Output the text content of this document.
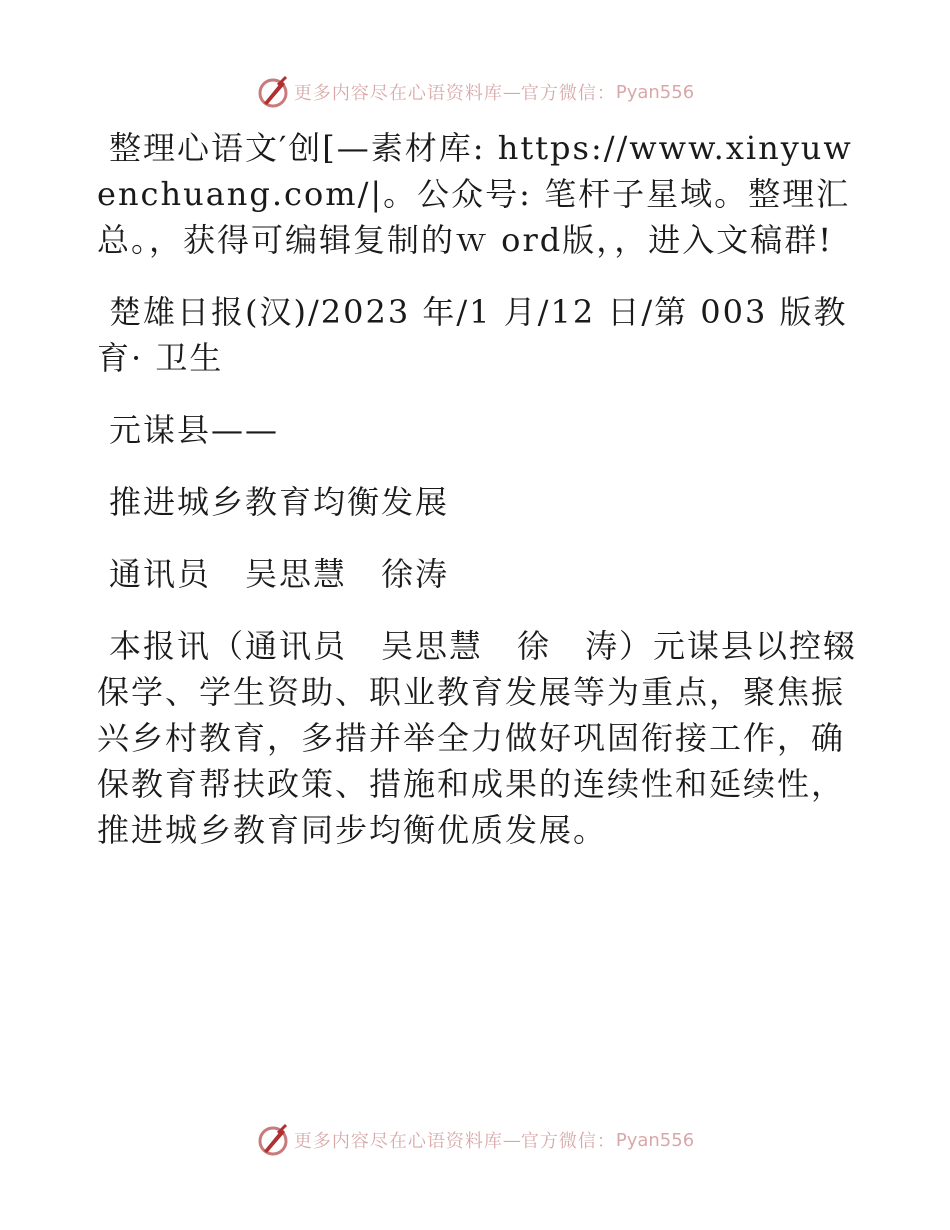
更多内容尽在心语资料库 — 官方微信： Pyan556

整理心语文′创[—素材库: https://www.xinyuwenchuang.com/|。公众号: 笔杆子星域。整理汇总。，获得可编辑复制的ｗ ord版，，进入文稿群!

楚雄日报(汉)/2023 年/1 月/12 日/第 003 版教育· 卫生

元谋县——

推进城乡教育均衡发展

通讯员　吴思慧　徐涛

本报讯（通讯员　吴思慧　徐　涛）元谋县以控辍保学、学生资助、职业教育发展等为重点，聚焦振兴乡村教育，多措并举全力做好巩固衔接工作，确保教育帮扶政策、措施和成果的连续性和延续性，推进城乡教育同步均衡优质发展。

更多内容尽在心语资料库 — 官方微信： Pyan556
